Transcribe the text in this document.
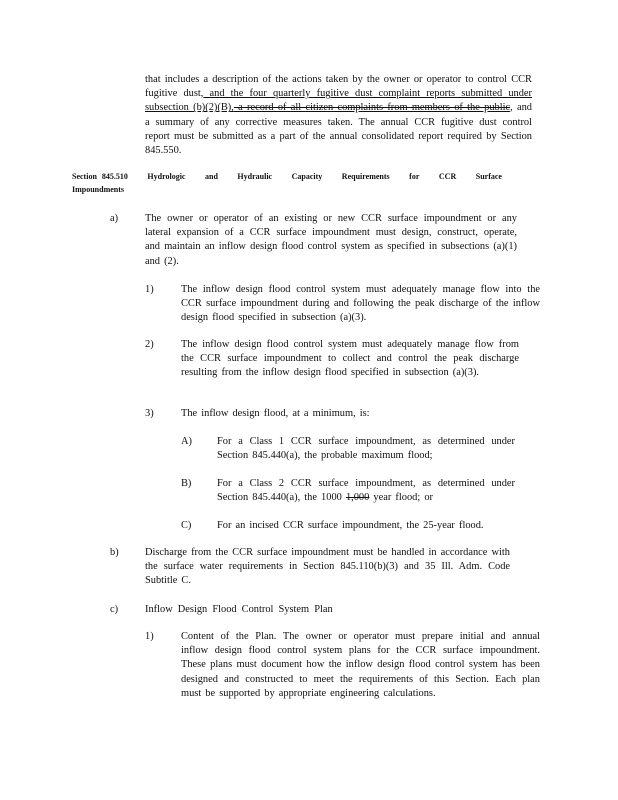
that includes a description of the actions taken by the owner or operator to control CCR fugitive dust, and the four quarterly fugitive dust complaint reports submitted under subsection (b)(2)(B), a record of all citizen complaints from members of the public, and a summary of any corrective measures taken. The annual CCR fugitive dust control report must be submitted as a part of the annual consolidated report required by Section 845.550.
Section 845.510 Hydrologic and Hydraulic Capacity Requirements for CCR Surface
Impoundments
a)	The owner or operator of an existing or new CCR surface impoundment or any lateral expansion of a CCR surface impoundment must design, construct, operate, and maintain an inflow design flood control system as specified in subsections (a)(1) and (2).
1)	The inflow design flood control system must adequately manage flow into the CCR surface impoundment during and following the peak discharge of the inflow design flood specified in subsection (a)(3).
2)	The inflow design flood control system must adequately manage flow from the CCR surface impoundment to collect and control the peak discharge resulting from the inflow design flood specified in subsection (a)(3).
3)	The inflow design flood, at a minimum, is:
A) For a Class 1 CCR surface impoundment, as determined under Section 845.440(a), the probable maximum flood;
B) For a Class 2 CCR surface impoundment, as determined under Section 845.440(a), the 1000 1,000 year flood; or
C) For an incised CCR surface impoundment, the 25-year flood.
b)	Discharge from the CCR surface impoundment must be handled in accordance with the surface water requirements in Section 845.110(b)(3) and 35 Ill. Adm. Code Subtitle C.
c)	Inflow Design Flood Control System Plan
1)	Content of the Plan. The owner or operator must prepare initial and annual inflow design flood control system plans for the CCR surface impoundment. These plans must document how the inflow design flood control system has been designed and constructed to meet the requirements of this Section. Each plan must be supported by appropriate engineering calculations.
